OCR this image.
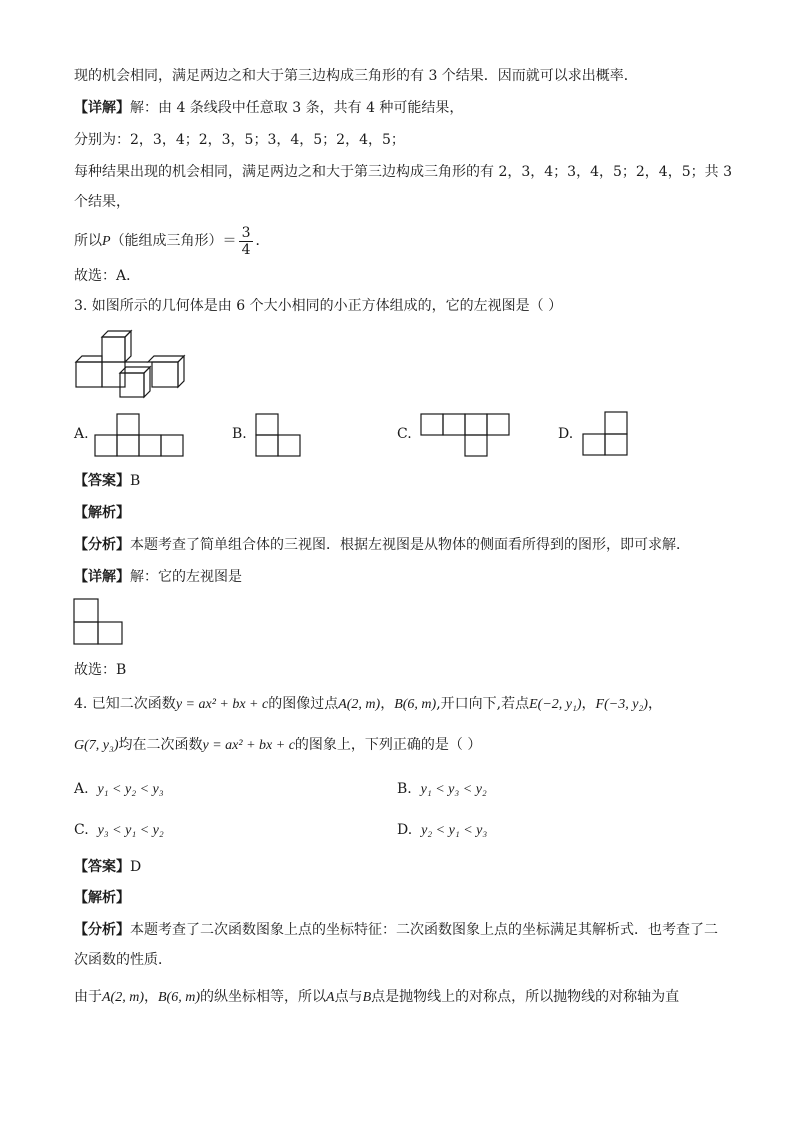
现的机会相同，满足两边之和大于第三边构成三角形的有 3 个结果．因而就可以求出概率．
【详解】解：由 4 条线段中任意取 3 条，共有 4 种可能结果，
分别为：2，3，4；2，3，5；3，4，5；2，4，5；
每种结果出现的机会相同，满足两边之和大于第三边构成三角形的有 2，3，4；3，4，5；2，4，5；共 3
个结果，
所以P（能组成三角形）＝ $\frac{3}{4}$ ．
故选：A．
3. 如图所示的几何体是由 6 个大小相同的小正方体组成的，它的左视图是（ ）
A.	B.	C.	D.
【答案】B
【解析】
【分析】本题考查了简单组合体的三视图．根据左视图是从物体的侧面看所得到的图形，即可求解．
【详解】解：它的左视图是
故选：B
4. 已知二次函数y = ax² + bx + c的图像过点A(2, m)，B(6, m),开口向下,若点E(−2, y₁)，F(−3, y₂)，
G(7, y₃)均在二次函数y = ax² + bx + c的图象上，下列正确的是（ ）
A. y₁ < y₂ < y₃	B. y₁ < y₃ < y₂
C. y₃ < y₁ < y₂	D. y₂ < y₁ < y₃
【答案】D
【解析】
【分析】本题考查了二次函数图象上点的坐标特征：二次函数图象上点的坐标满足其解析式．也考查了二
次函数的性质．
由于A(2, m)，B(6, m)的纵坐标相等，所以A点与B点是抛物线上的对称点，所以抛物线的对称轴为直
